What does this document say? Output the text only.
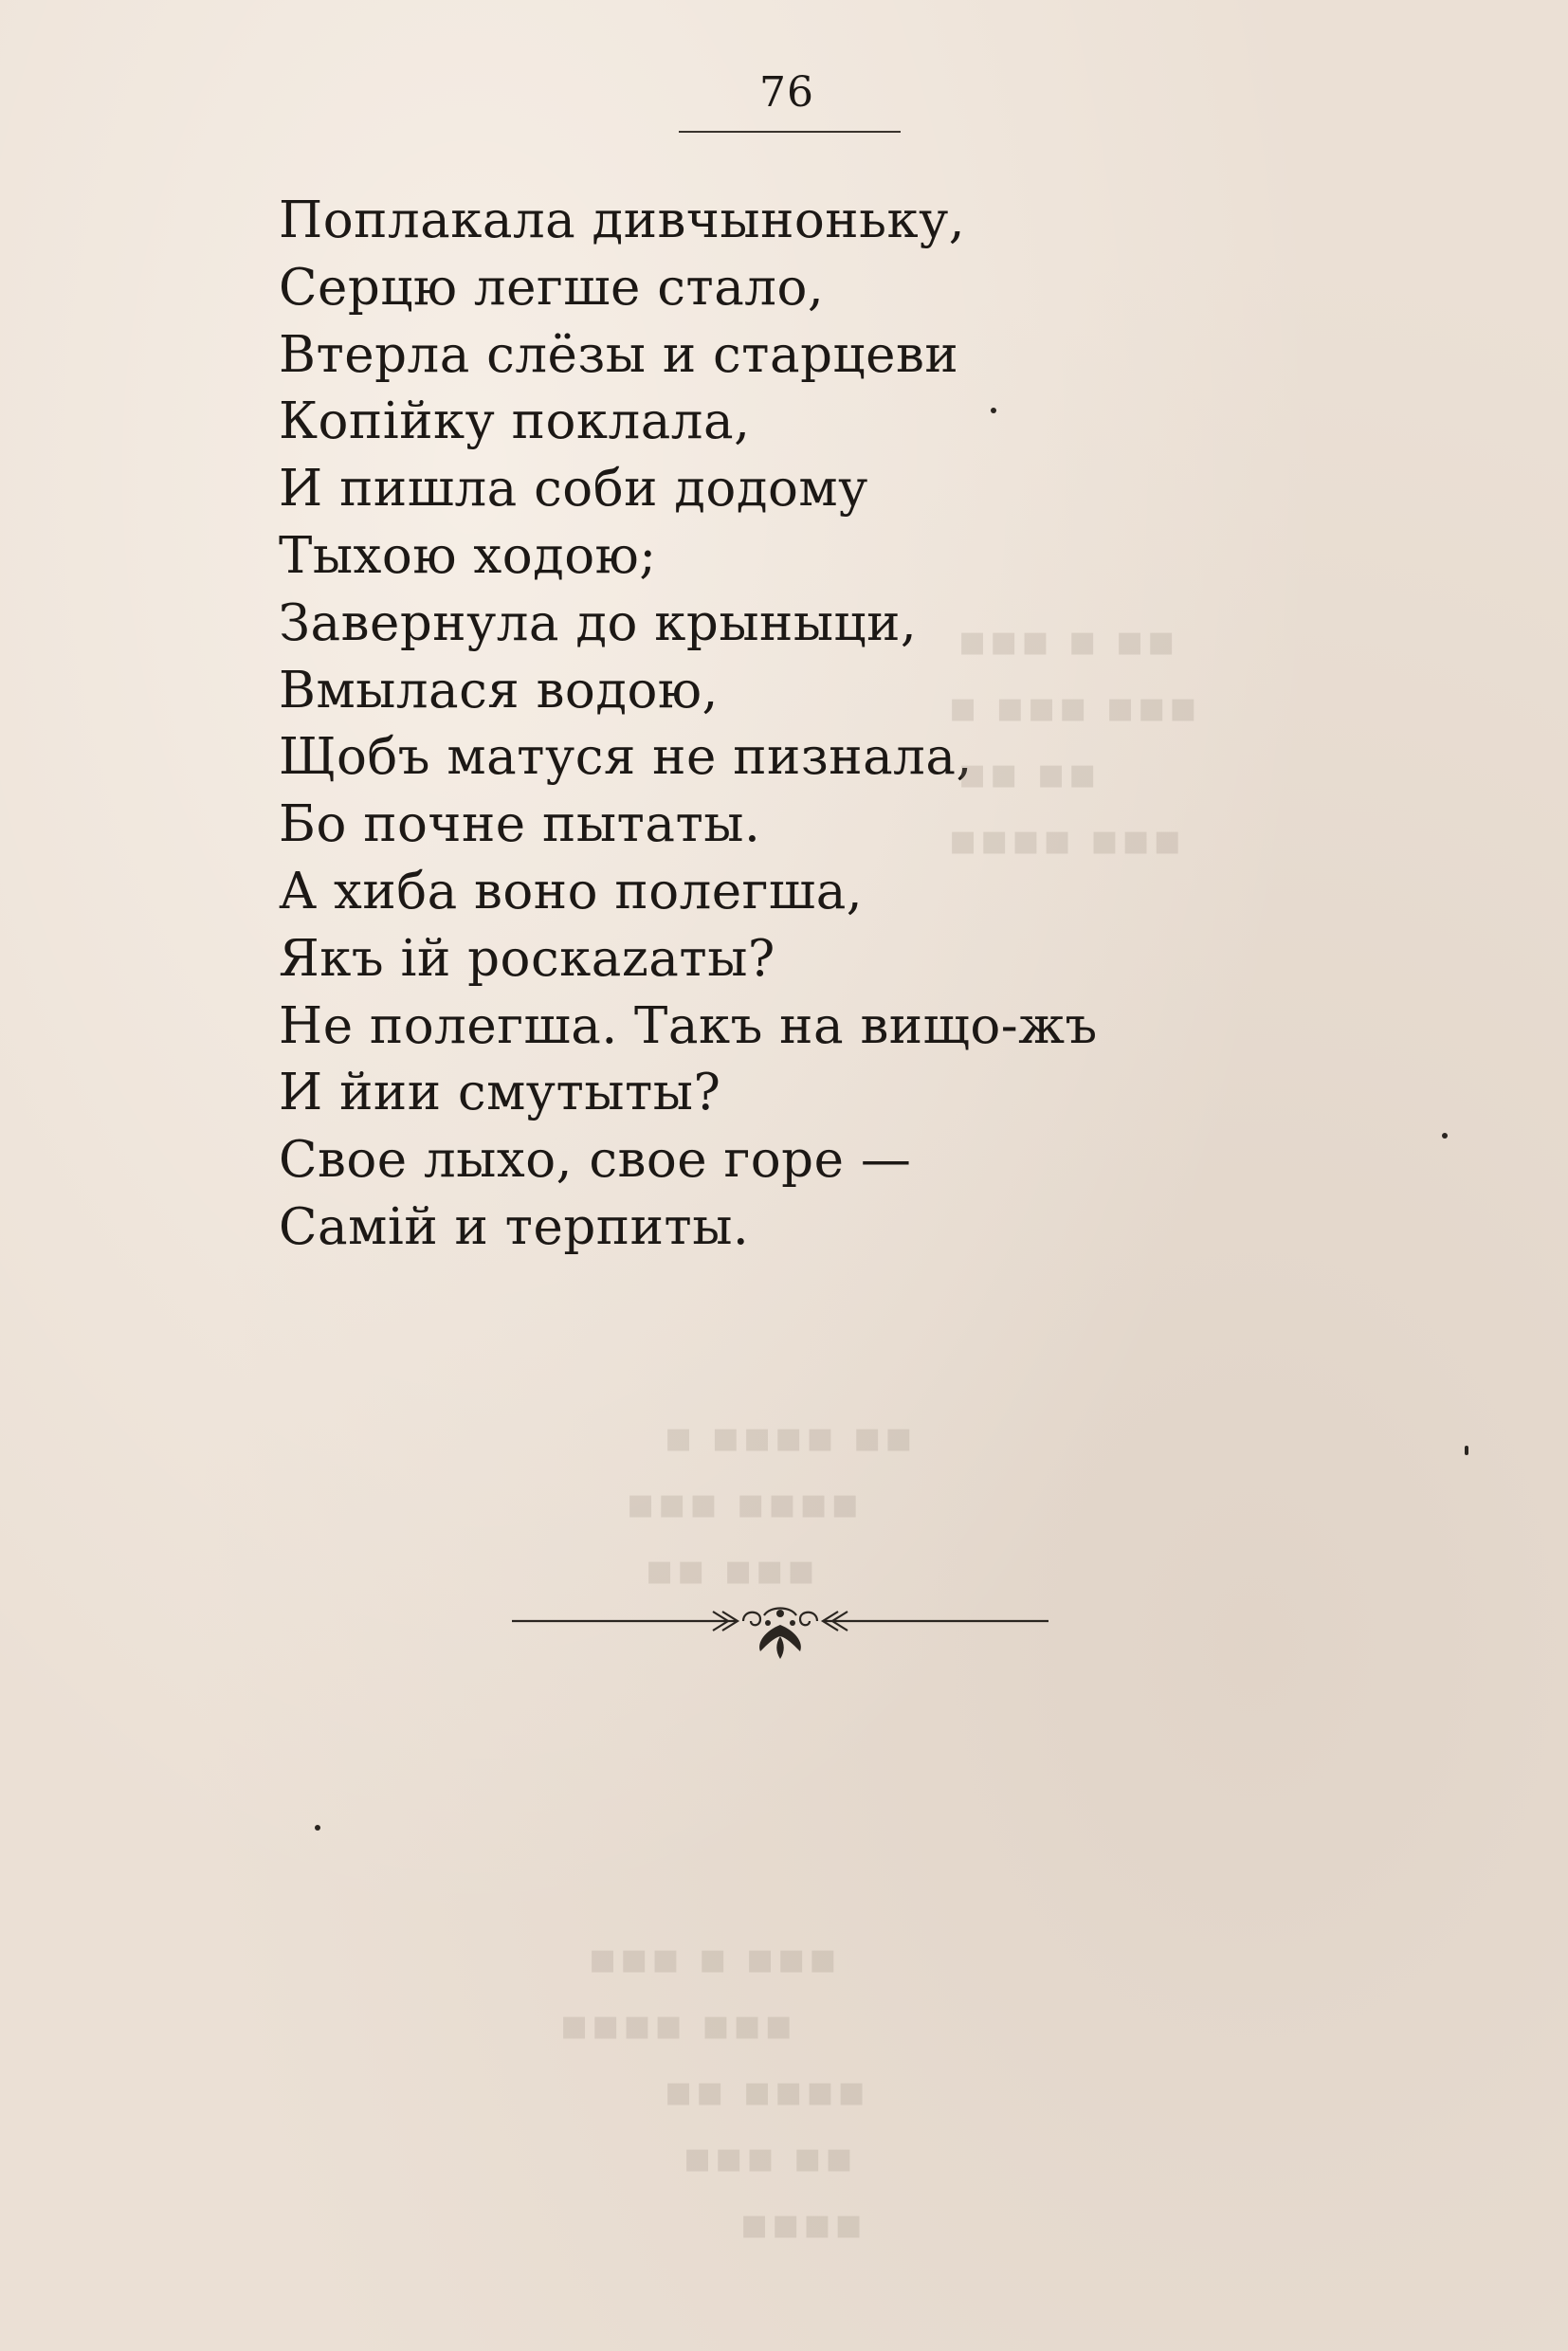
76
Поплакала дивчыноньку,
Серцю легше стало,
Втерла слёзы и старцеви
Копійку поклала,
И пишла соби додому
Тыхою ходою;
Завернула до крыныци,
Вмылася водою,
Щобъ матуся не пизнала,
Бо почне пытаты.
А хиба воно полегша,
Якъ ій роскazaты?
Не полегша. Такъ на вищо-жъ
И йии смутыты?
Свое лыхо, свое горе —
Самій и терпиты.
▪▪▪ ▪ ▪▪
▪ ▪▪▪ ▪▪▪
▪▪ ▪▪
▪▪▪▪ ▪▪▪
▪ ▪▪▪▪ ▪▪
▪▪▪ ▪▪▪▪
▪▪ ▪▪▪
▪▪▪ ▪ ▪▪▪
▪▪▪▪ ▪▪▪
▪▪ ▪▪▪▪
▪▪▪ ▪▪
▪▪▪▪
